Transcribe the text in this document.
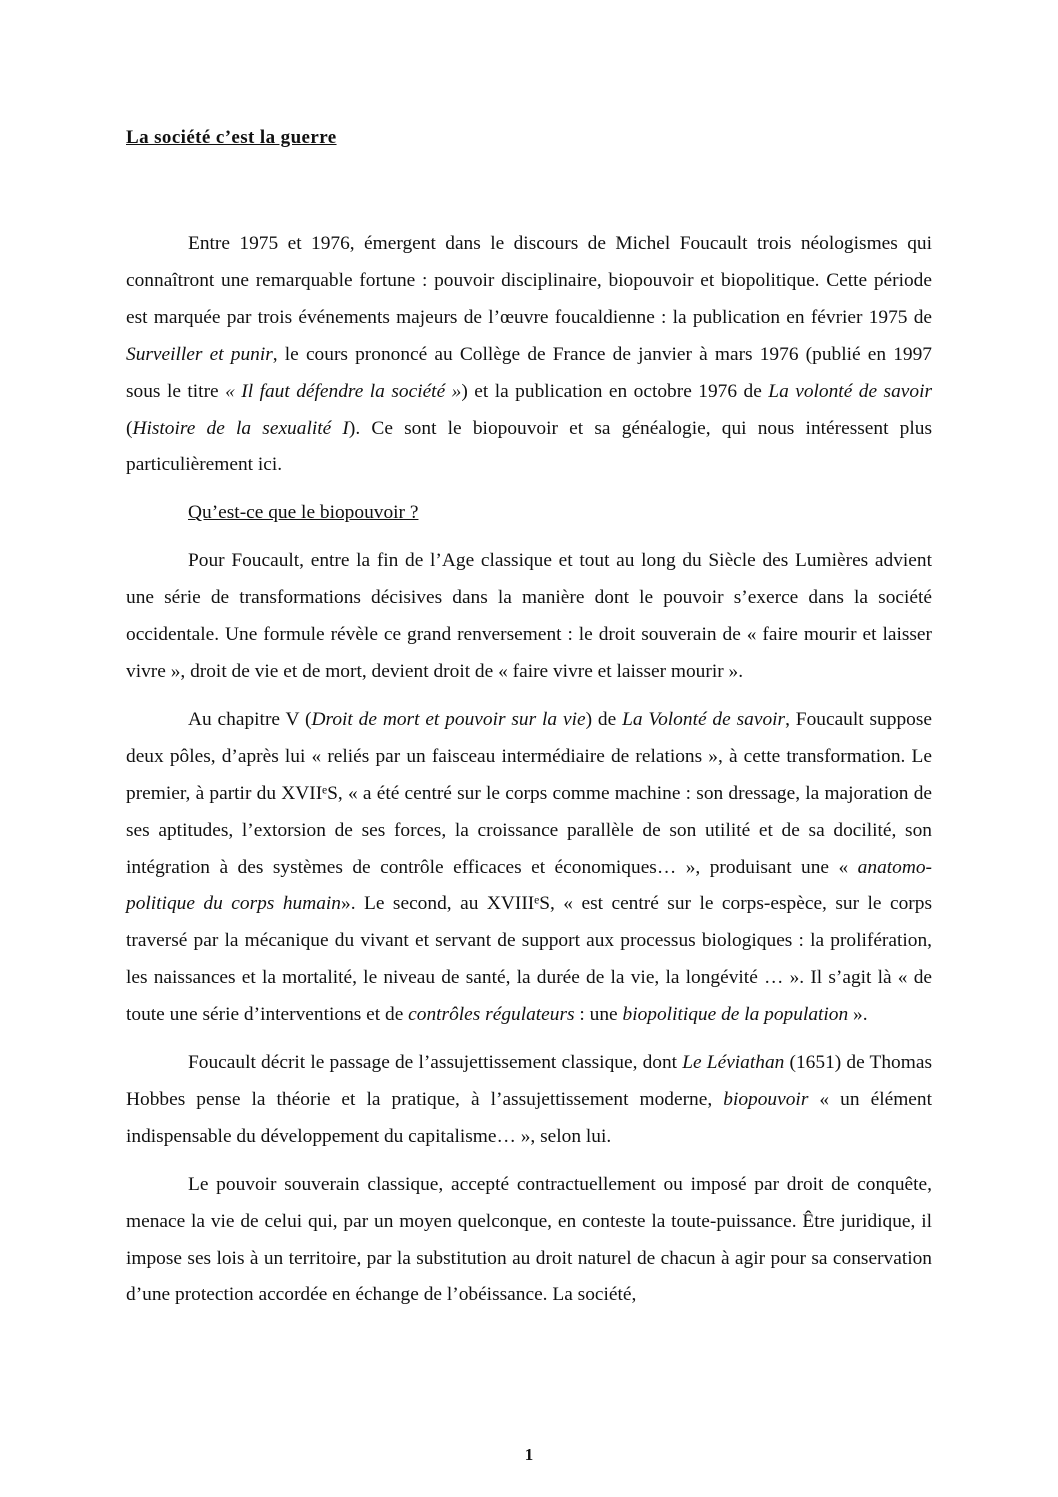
La société c’est la guerre

Entre 1975 et 1976, émergent dans le discours de Michel Foucault trois néologismes qui connaîtront une remarquable fortune : pouvoir disciplinaire, biopouvoir et biopolitique. Cette période est marquée par trois événements majeurs de l’œuvre foucaldienne : la publication en février 1975 de Surveiller et punir, le cours prononcé au Collège de France de janvier à mars 1976 (publié en 1997 sous le titre « Il faut défendre la société ») et la publication en octobre 1976 de La volonté de savoir (Histoire de la sexualité I). Ce sont le biopouvoir et sa généalogie, qui nous intéressent plus particulièrement ici.

Qu’est-ce que le biopouvoir ?

Pour Foucault, entre la fin de l’Age classique et tout au long du Siècle des Lumières advient une série de transformations décisives dans la manière dont le pouvoir s’exerce dans la société occidentale. Une formule révèle ce grand renversement : le droit souverain de « faire mourir et laisser vivre », droit de vie et de mort, devient droit de « faire vivre et laisser mourir ».

Au chapitre V (Droit de mort et pouvoir sur la vie) de La Volonté de savoir, Foucault suppose deux pôles, d’après lui « reliés par un faisceau intermédiaire de relations », à cette transformation. Le premier, à partir du XVIIᵉS, « a été centré sur le corps comme machine : son dressage, la majoration de ses aptitudes, l’extorsion de ses forces, la croissance parallèle de son utilité et de sa docilité, son intégration à des systèmes de contrôle efficaces et économiques… », produisant une « anatomo-politique du corps humain». Le second, au XVIIIᵉS, « est centré sur le corps-espèce, sur le corps traversé par la mécanique du vivant et servant de support aux processus biologiques : la prolifération, les naissances et la mortalité, le niveau de santé, la durée de la vie, la longévité … ». Il s’agit là « de toute une série d’interventions et de contrôles régulateurs : une biopolitique de la population ».

Foucault décrit le passage de l’assujettissement classique, dont Le Léviathan (1651) de Thomas Hobbes pense la théorie et la pratique, à l’assujettissement moderne, biopouvoir « un élément indispensable du développement du capitalisme… », selon lui.

Le pouvoir souverain classique, accepté contractuellement ou imposé par droit de conquête, menace la vie de celui qui, par un moyen quelconque, en conteste la toute-puissance. Être juridique, il impose ses lois à un territoire, par la substitution au droit naturel de chacun à agir pour sa conservation d’une protection accordée en échange de l’obéissance. La société,

1
